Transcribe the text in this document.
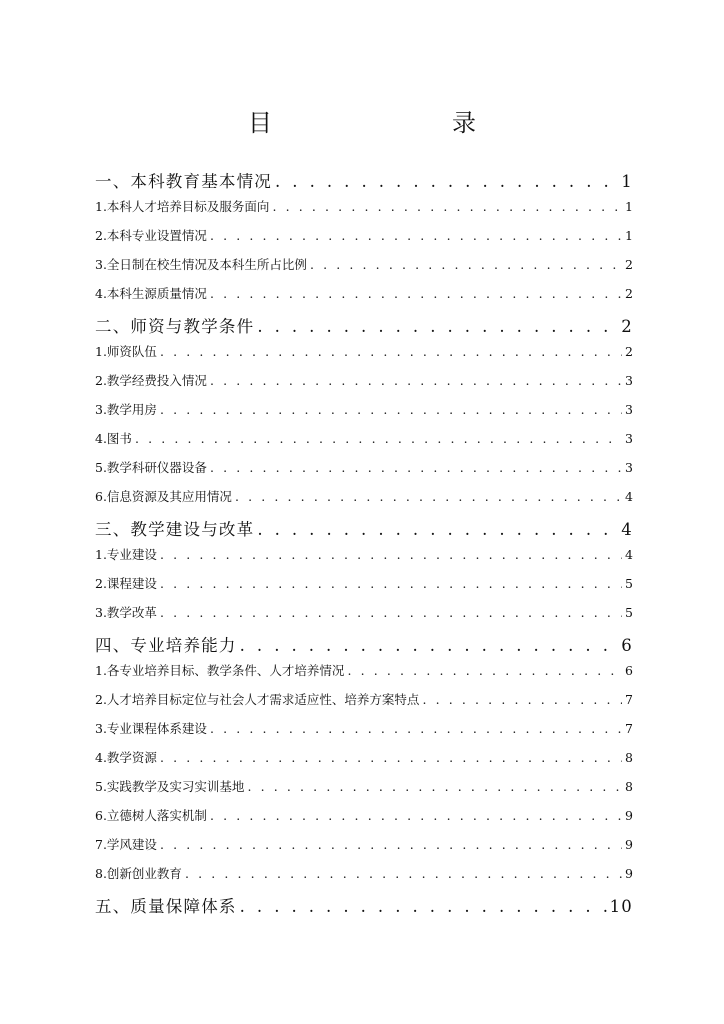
目　　录
一、本科教育基本情况 . . .	1
1.本科人才培养目标及服务面向 . . .	1
2.本科专业设置情况 . . .	1
3.全日制在校生情况及本科生所占比例 . . .	2
4.本科生源质量情况 . . .	2
二、师资与教学条件 . . .	2
1.师资队伍 . . .	2
2.教学经费投入情况 . . .	3
3.教学用房 . . .	3
4.图书 . . .	3
5.教学科研仪器设备 . . .	3
6.信息资源及其应用情况 . . .	4
三、教学建设与改革 . . .	4
1.专业建设 . . .	4
2.课程建设 . . .	5
3.教学改革 . . .	5
四、专业培养能力 . . .	6
1.各专业培养目标、教学条件、人才培养情况 . . .	6
2.人才培养目标定位与社会人才需求适应性、培养方案特点 . . .	7
3.专业课程体系建设 . . .	7
4.教学资源 . . .	8
5.实践教学及实习实训基地 . . .	8
6.立德树人落实机制 . . .	9
7.学风建设 . . .	9
8.创新创业教育 . . .	9
五、质量保障体系 . . .	10
